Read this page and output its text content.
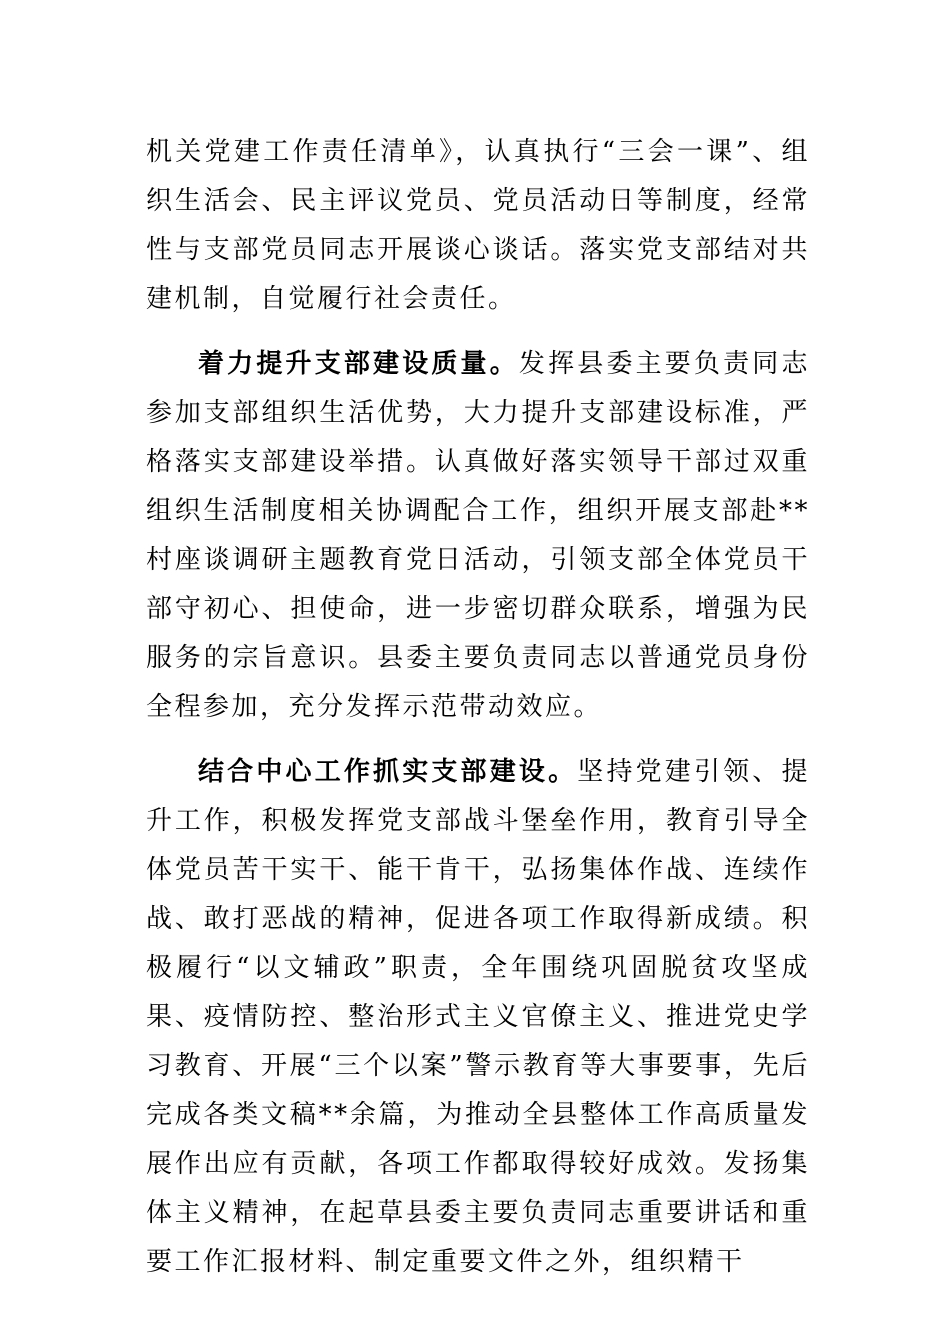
机关党建工作责任清单》，认真执行“三会一课”、组织生活会、民主评议党员、党员活动日等制度，经常性与支部党员同志开展谈心谈话。落实党支部结对共建机制，自觉履行社会责任。

着力提升支部建设质量。发挥县委主要负责同志参加支部组织生活优势，大力提升支部建设标准，严格落实支部建设举措。认真做好落实领导干部过双重组织生活制度相关协调配合工作，组织开展支部赴**村座谈调研主题教育党日活动，引领支部全体党员干部守初心、担使命，进一步密切群众联系，增强为民服务的宗旨意识。县委主要负责同志以普通党员身份全程参加，充分发挥示范带动效应。

结合中心工作抓实支部建设。坚持党建引领、提升工作，积极发挥党支部战斗堡垒作用，教育引导全体党员苦干实干、能干肯干，弘扬集体作战、连续作战、敢打恶战的精神，促进各项工作取得新成绩。积极履行“以文辅政”职责，全年围绕巩固脱贫攻坚成果、疫情防控、整治形式主义官僚主义、推进党史学习教育、开展“三个以案”警示教育等大事要事，先后完成各类文稿**余篇，为推动全县整体工作高质量发展作出应有贡献，各项工作都取得较好成效。发扬集体主义精神，在起草县委主要负责同志重要讲话和重要工作汇报材料、制定重要文件之外，组织精干
